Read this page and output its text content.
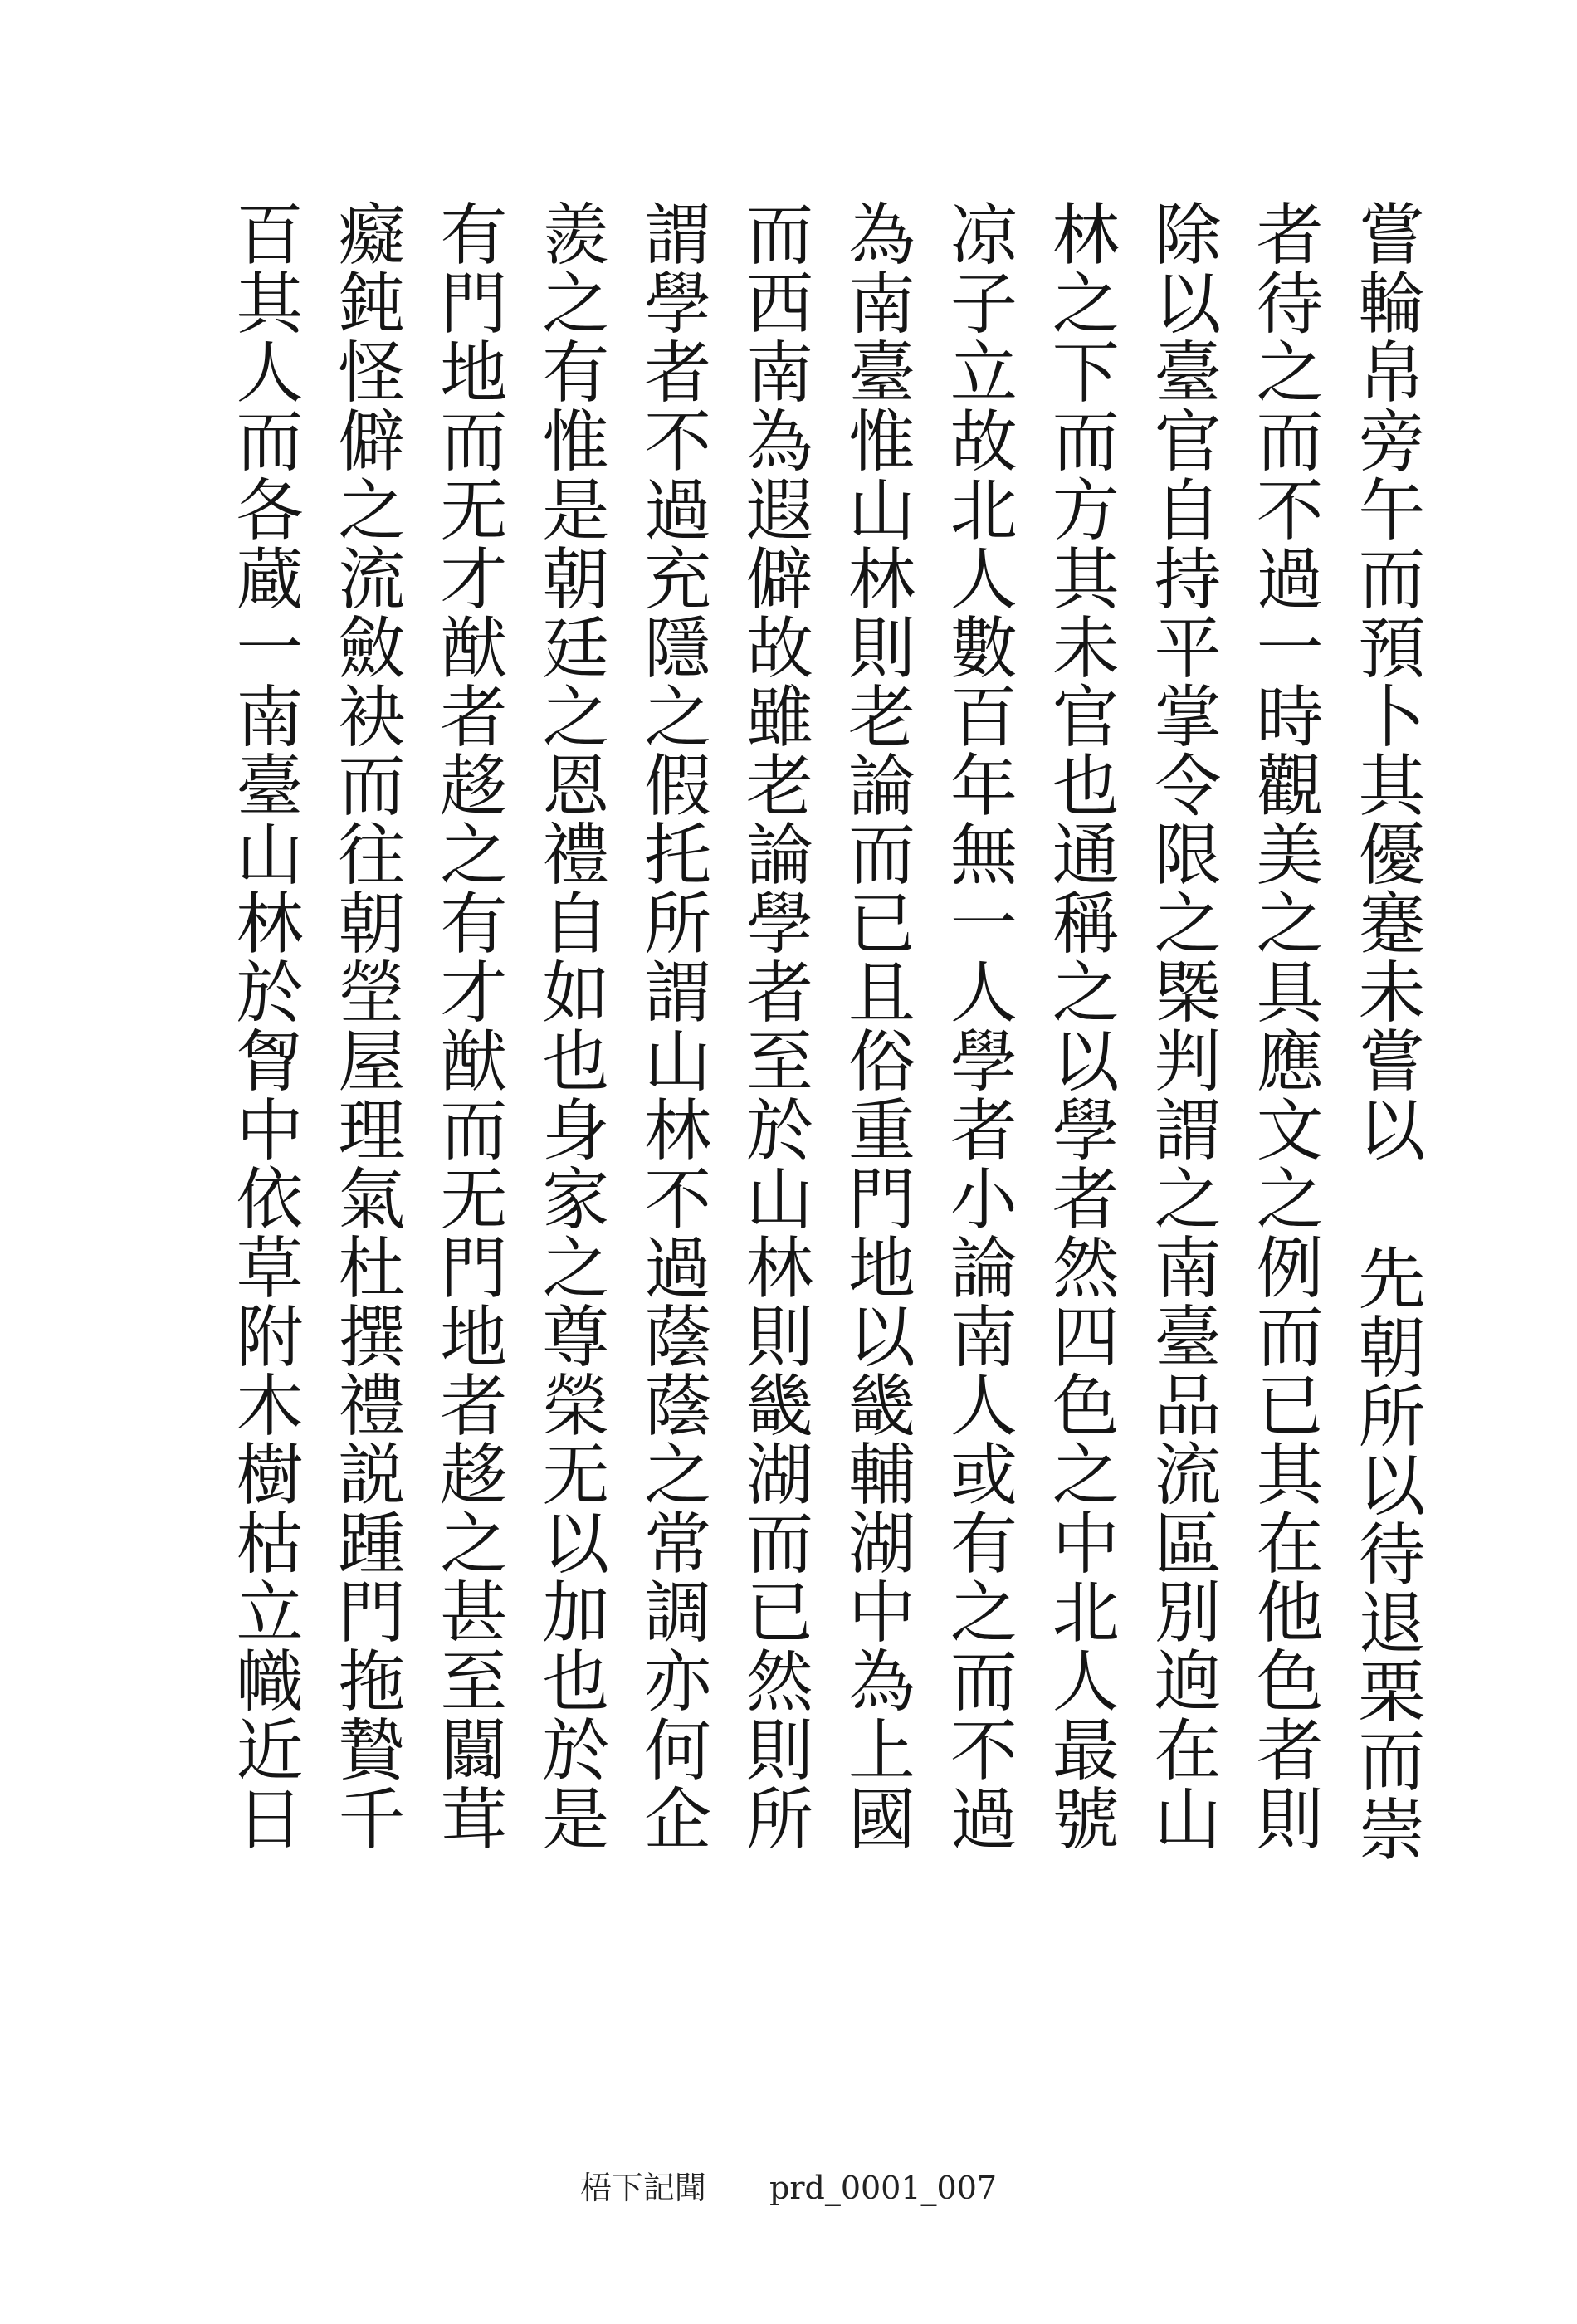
嘗輪帛旁午而預卜其優蹇未嘗以 先朝所以待退栗而崇
者待之而不過一時觀美之具應文之例而已其在他色者則
除以臺官自持平掌令限之㮣判謂之南臺品流區別逈在山
林之下而方其未官也通稱之以學者然四色之中北人最號
凉子立故北人數百年無一人學者小論南人或有之而不過
為南臺惟山林則老論而已且俗重門地以畿輔湖中為上國
而西南為遐僻故雖老論學者至於山林則畿湖而已然則所
謂學者不過充隱之假托所謂山林不過蔭蔭之常調亦何企
羨之有惟是朝廷之恩禮自如也身家之尊榮无以加也於是
有門地而无才猷者趍之有才猷而无門地者趍之甚至闒茸
癡鈍怪僻之流斂袂而往朝塋屋理氣杜撰禮説踵門拖贄千
百其人而各蔵一南臺山林於胷中依草附木樹枯立幟近日
梧下記聞 prd_0001_007
